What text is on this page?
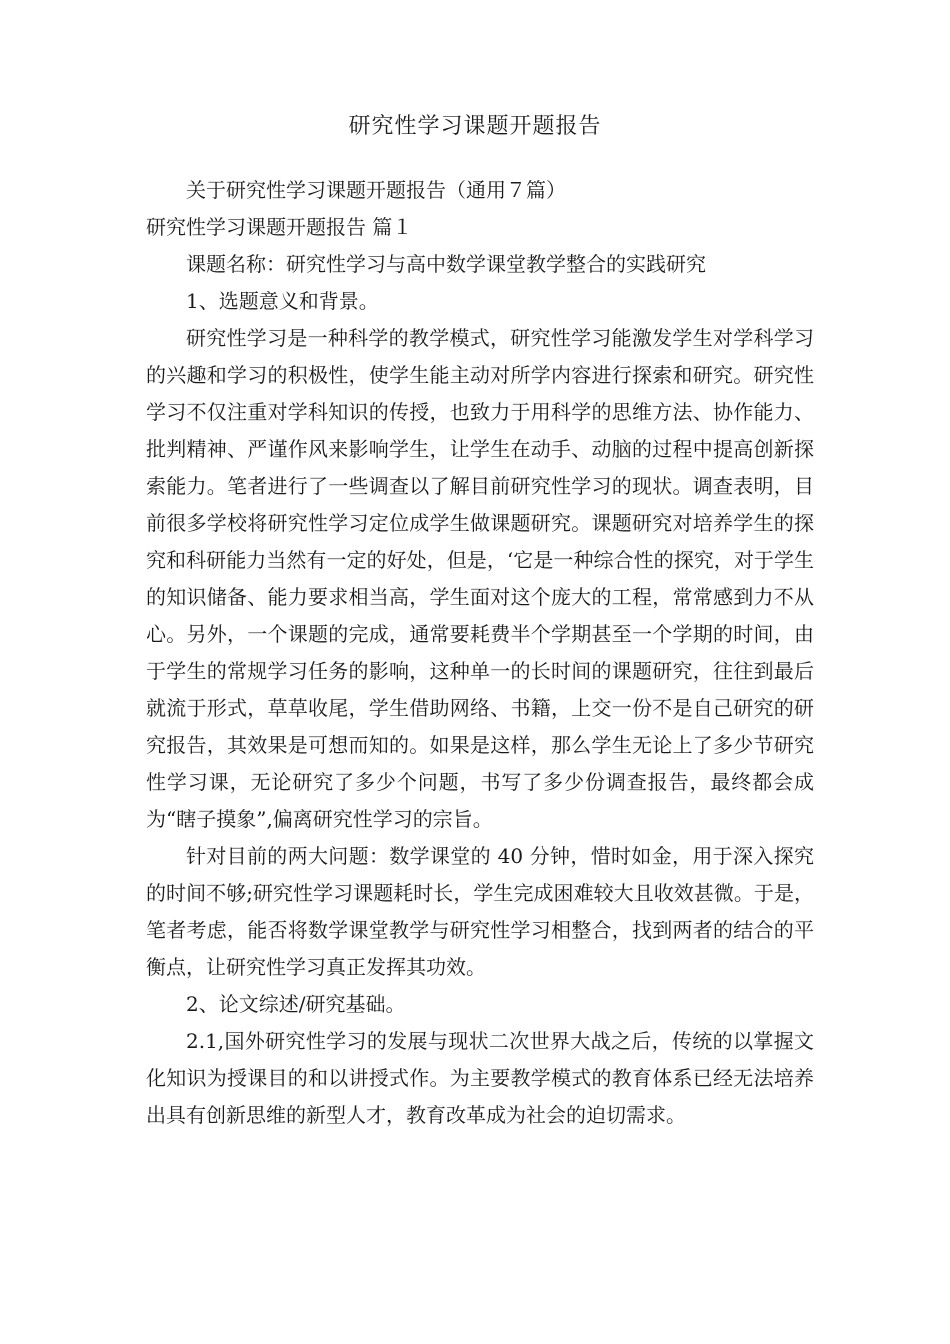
研究性学习课题开题报告

关于研究性学习课题开题报告（通用７篇）

研究性学习课题开题报告 篇１

课题名称：研究性学习与高中数学课堂教学整合的实践研究

1、选题意义和背景。

研究性学习是一种科学的教学模式，研究性学习能激发学生对学科学习的兴趣和学习的积极性，使学生能主动对所学内容进行探索和研究。研究性学习不仅注重对学科知识的传授，也致力于用科学的思维方法、协作能力、批判精神、严谨作风来影响学生，让学生在动手、动脑的过程中提高创新探索能力。笔者进行了一些调查以了解目前研究性学习的现状。调查表明，目前很多学校将研究性学习定位成学生做课题研究。课题研究对培养学生的探究和科研能力当然有一定的好处，但是，‘它是一种综合性的探究，对于学生的知识储备、能力要求相当高，学生面对这个庞大的工程，常常感到力不从心。另外，一个课题的完成，通常要耗费半个学期甚至一个学期的时间，由于学生的常规学习任务的影响，这种单一的长时间的课题研究，往往到最后就流于形式，草草收尾，学生借助网络、书籍，上交一份不是自己研究的研究报告，其效果是可想而知的。如果是这样，那么学生无论上了多少节研究性学习课，无论研究了多少个问题，书写了多少份调查报告，最终都会成为“瞎子摸象”,偏离研究性学习的宗旨。

针对目前的两大问题：数学课堂的 40 分钟，惜时如金，用于深入探究的时间不够;研究性学习课题耗时长，学生完成困难较大且收效甚微。于是，笔者考虑，能否将数学课堂教学与研究性学习相整合，找到两者的结合的平衡点，让研究性学习真正发挥其功效。

2、论文综述/研究基础。

2.1,国外研究性学习的发展与现状二次世界大战之后，传统的以掌握文化知识为授课目的和以讲授式作。为主要教学模式的教育体系已经无法培养出具有创新思维的新型人才，教育改革成为社会的迫切需求。
